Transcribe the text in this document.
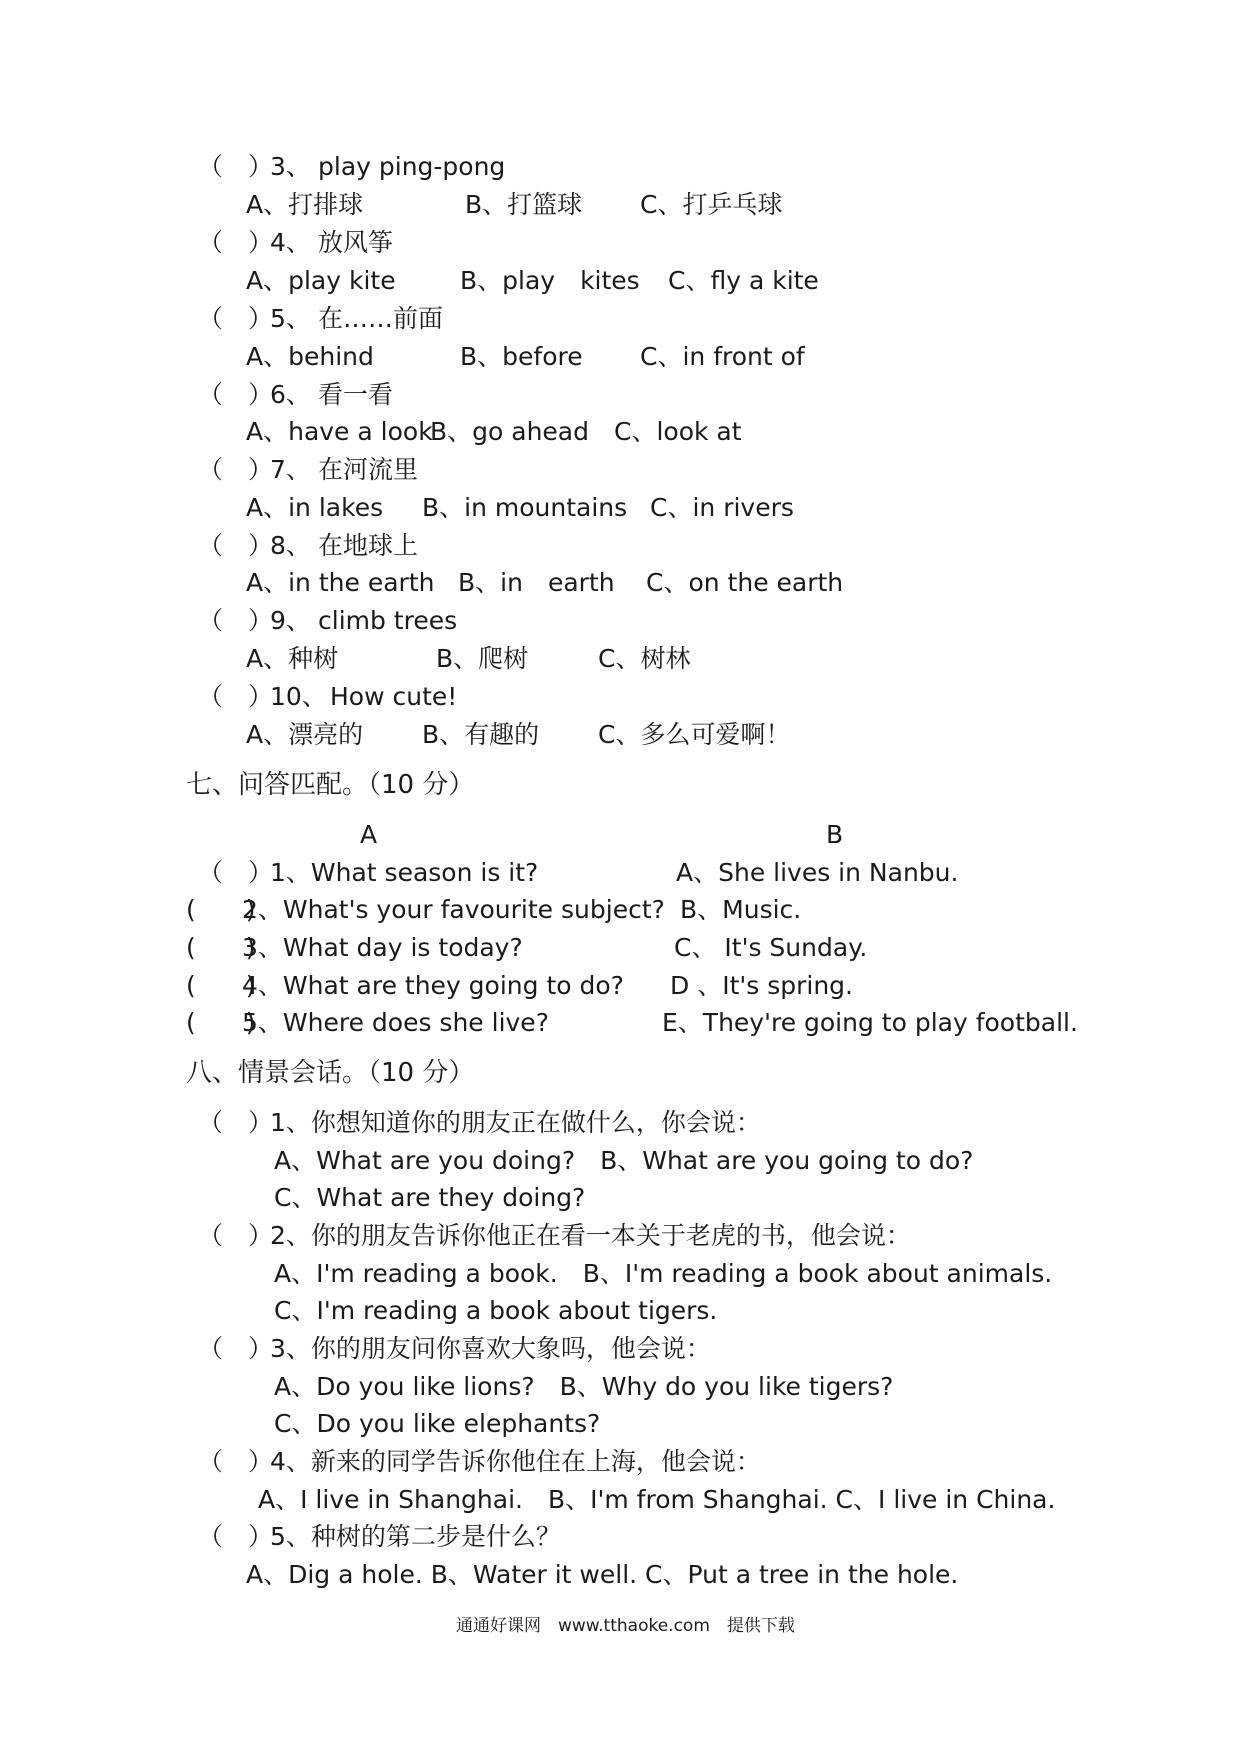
（　）
3、 play ping-pong
A、打排球	B、打篮球 C、打乒乓球
（　）
4、 放风筝
A、play kite	B、play　kites C、fly a kite
（　）
5、 在……前面
A、behind	B、before C、in front of
（　）
6、 看一看
A、have a look
B、go ahead C、look at
（　）
7、 在河流里
A、in lakes B、in mountains C、in rivers
（　）
8、 在地球上
A、in the earth B、in　earth C、on the earth
（　）
9、 climb trees
A、种树	B、爬树	C、树林
（　）
10、 How cute!
A、漂亮的 B、有趣的 C、多么可爱啊！
七、问答匹配。（10 分）
A	B
（　）
1、What season is it?	A、She lives in Nanbu.
(　　)
2、What's your favourite subject? B、Music.
(　　)
3、What day is today?	C、 It's Sunday.
(　　)
4、What are they going to do? D 、It's spring.
(　　)
5、Where does she live?	E、They're going to play football.
八、情景会话。（10 分）
（　）
1、你想知道你的朋友正在做什么，你会说：
A、What are you doing?　B、What are you going to do?
C、What are they doing?
（　）
2、你的朋友告诉你他正在看一本关于老虎的书，他会说：
A、I'm reading a book.　B、I'm reading a book about animals.
C、I'm reading a book about tigers.
（　）
3、你的朋友问你喜欢大象吗，他会说：
A、Do you like lions?　B、Why do you like tigers?
C、Do you like elephants?
（　）
4、新来的同学告诉你他住在上海，他会说：
A、I live in Shanghai.　B、I'm from Shanghai. C、I live in China.
（　）
5、种树的第二步是什么？
A、Dig a hole. B、Water it well. C、Put a tree in the hole.
通通好课网　www.tthaoke.com　提供下载
